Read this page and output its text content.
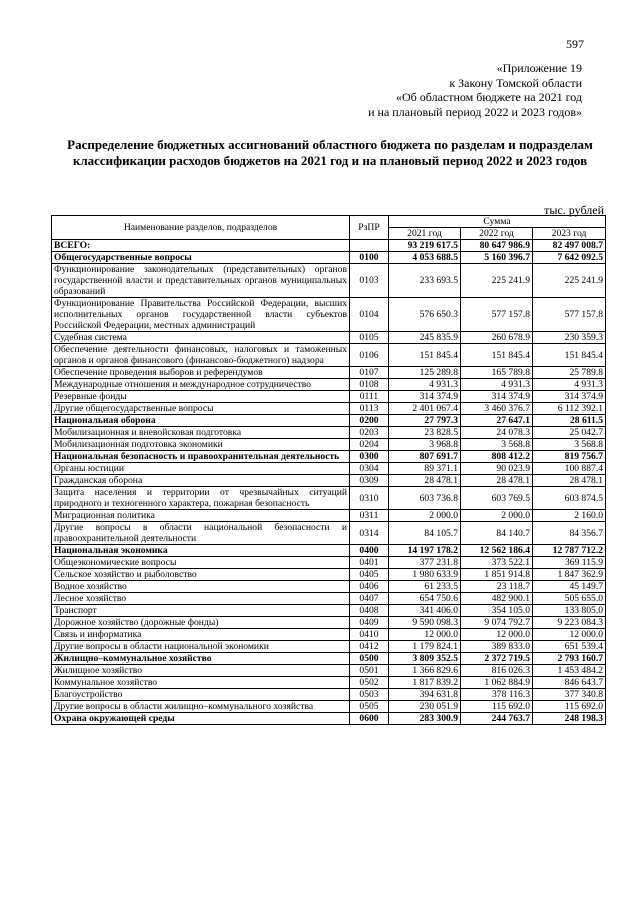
597
«Приложение 19
к Закону Томской области
«Об областном бюджете на 2021 год
и на плановый период 2022 и 2023 годов»
Распределение бюджетных ассигнований областного бюджета по разделам и подразделам классификации расходов бюджетов на 2021 год и на плановый период 2022 и 2023 годов
тыс. рублей
Наименование разделов, подразделов	РзПР	Сумма		
		2021 год	2022 год	2023 год
ВСЕГО:		93 219 617.5	80 647 986.9	82 497 008.7
Общегосударственные вопросы	0100	4 053 688.5	5 160 396.7	7 642 092.5
Функционирование законодательных (представительных) органов государственной власти и представительных органов муниципальных образований	0103	233 693.5	225 241.9	225 241.9
Функционирование Правительства Российской Федерации, высших исполнительных органов государственной власти субъектов Российской Федерации, местных администраций	0104	576 650.3	577 157.8	577 157.8
Судебная система	0105	245 835.9	260 678.9	230 359.3
Обеспечение деятельности финансовых, налоговых и таможенных органов и органов финансового (финансово-бюджетного) надзора	0106	151 845.4	151 845.4	151 845.4
Обеспечение проведения выборов и референдумов	0107	125 289.8	165 789.8	25 789.8
Международные отношения и международное сотрудничество	0108	4 931.3	4 931.3	4 931.3
Резервные фонды	0111	314 374.9	314 374.9	314 374.9
Другие общегосударственные вопросы	0113	2 401 067.4	3 460 376.7	6 112 392.1
Национальная оборона	0200	27 797.3	27 647.1	28 611.5
Мобилизационная и вневойсковая подготовка	0203	23 828.5	24 078.3	25 042.7
Мобилизационная подготовка экономики	0204	3 968.8	3 568.8	3 568.8
Национальная безопасность и правоохранительная деятельность	0300	807 691.7	808 412.2	819 756.7
Органы юстиции	0304	89 371.1	90 023.9	100 887.4
Гражданская оборона	0309	28 478.1	28 478.1	28 478.1
Защита населения и территории от чрезвычайных ситуаций природного и техногенного характера, пожарная безопасность	0310	603 736.8	603 769.5	603 874.5
Миграционная политика	0311	2 000.0	2 000.0	2 160.0
Другие вопросы в области национальной безопасности и правоохранительной деятельности	0314	84 105.7	84 140.7	84 356.7
Национальная экономика	0400	14 197 178.2	12 562 186.4	12 787 712.2
Общеэкономические вопросы	0401	377 231.8	373 522.1	369 115.9
Сельское хозяйство и рыболовство	0405	1 980 633.9	1 851 914.8	1 847 362.9
Водное хозяйство	0406	61 233.5	23 118.7	45 149.7
Лесное хозяйство	0407	654 750.6	482 900.1	505 655.0
Транспорт	0408	341 406.0	354 105.0	133 805.0
Дорожное хозяйство (дорожные фонды)	0409	9 590 098.3	9 074 792.7	9 223 084.3
Связь и информатика	0410	12 000.0	12 000.0	12 000.0
Другие вопросы в области национальной экономики	0412	1 179 824.1	389 833.0	651 539.4
Жилищно–коммунальное хозяйство	0500	3 809 352.5	2 372 719.5	2 793 160.7
Жилищное хозяйство	0501	1 366 829.6	816 026.3	1 453 484.2
Коммунальное хозяйство	0502	1 817 839.2	1 062 884.9	846 643.7
Благоустройство	0503	394 631.8	378 116.3	377 340.8
Другие вопросы в области жилищно–коммунального хозяйства	0505	230 051.9	115 692.0	115 692.0
Охрана окружающей среды	0600	283 300.9	244 763.7	248 198.3
